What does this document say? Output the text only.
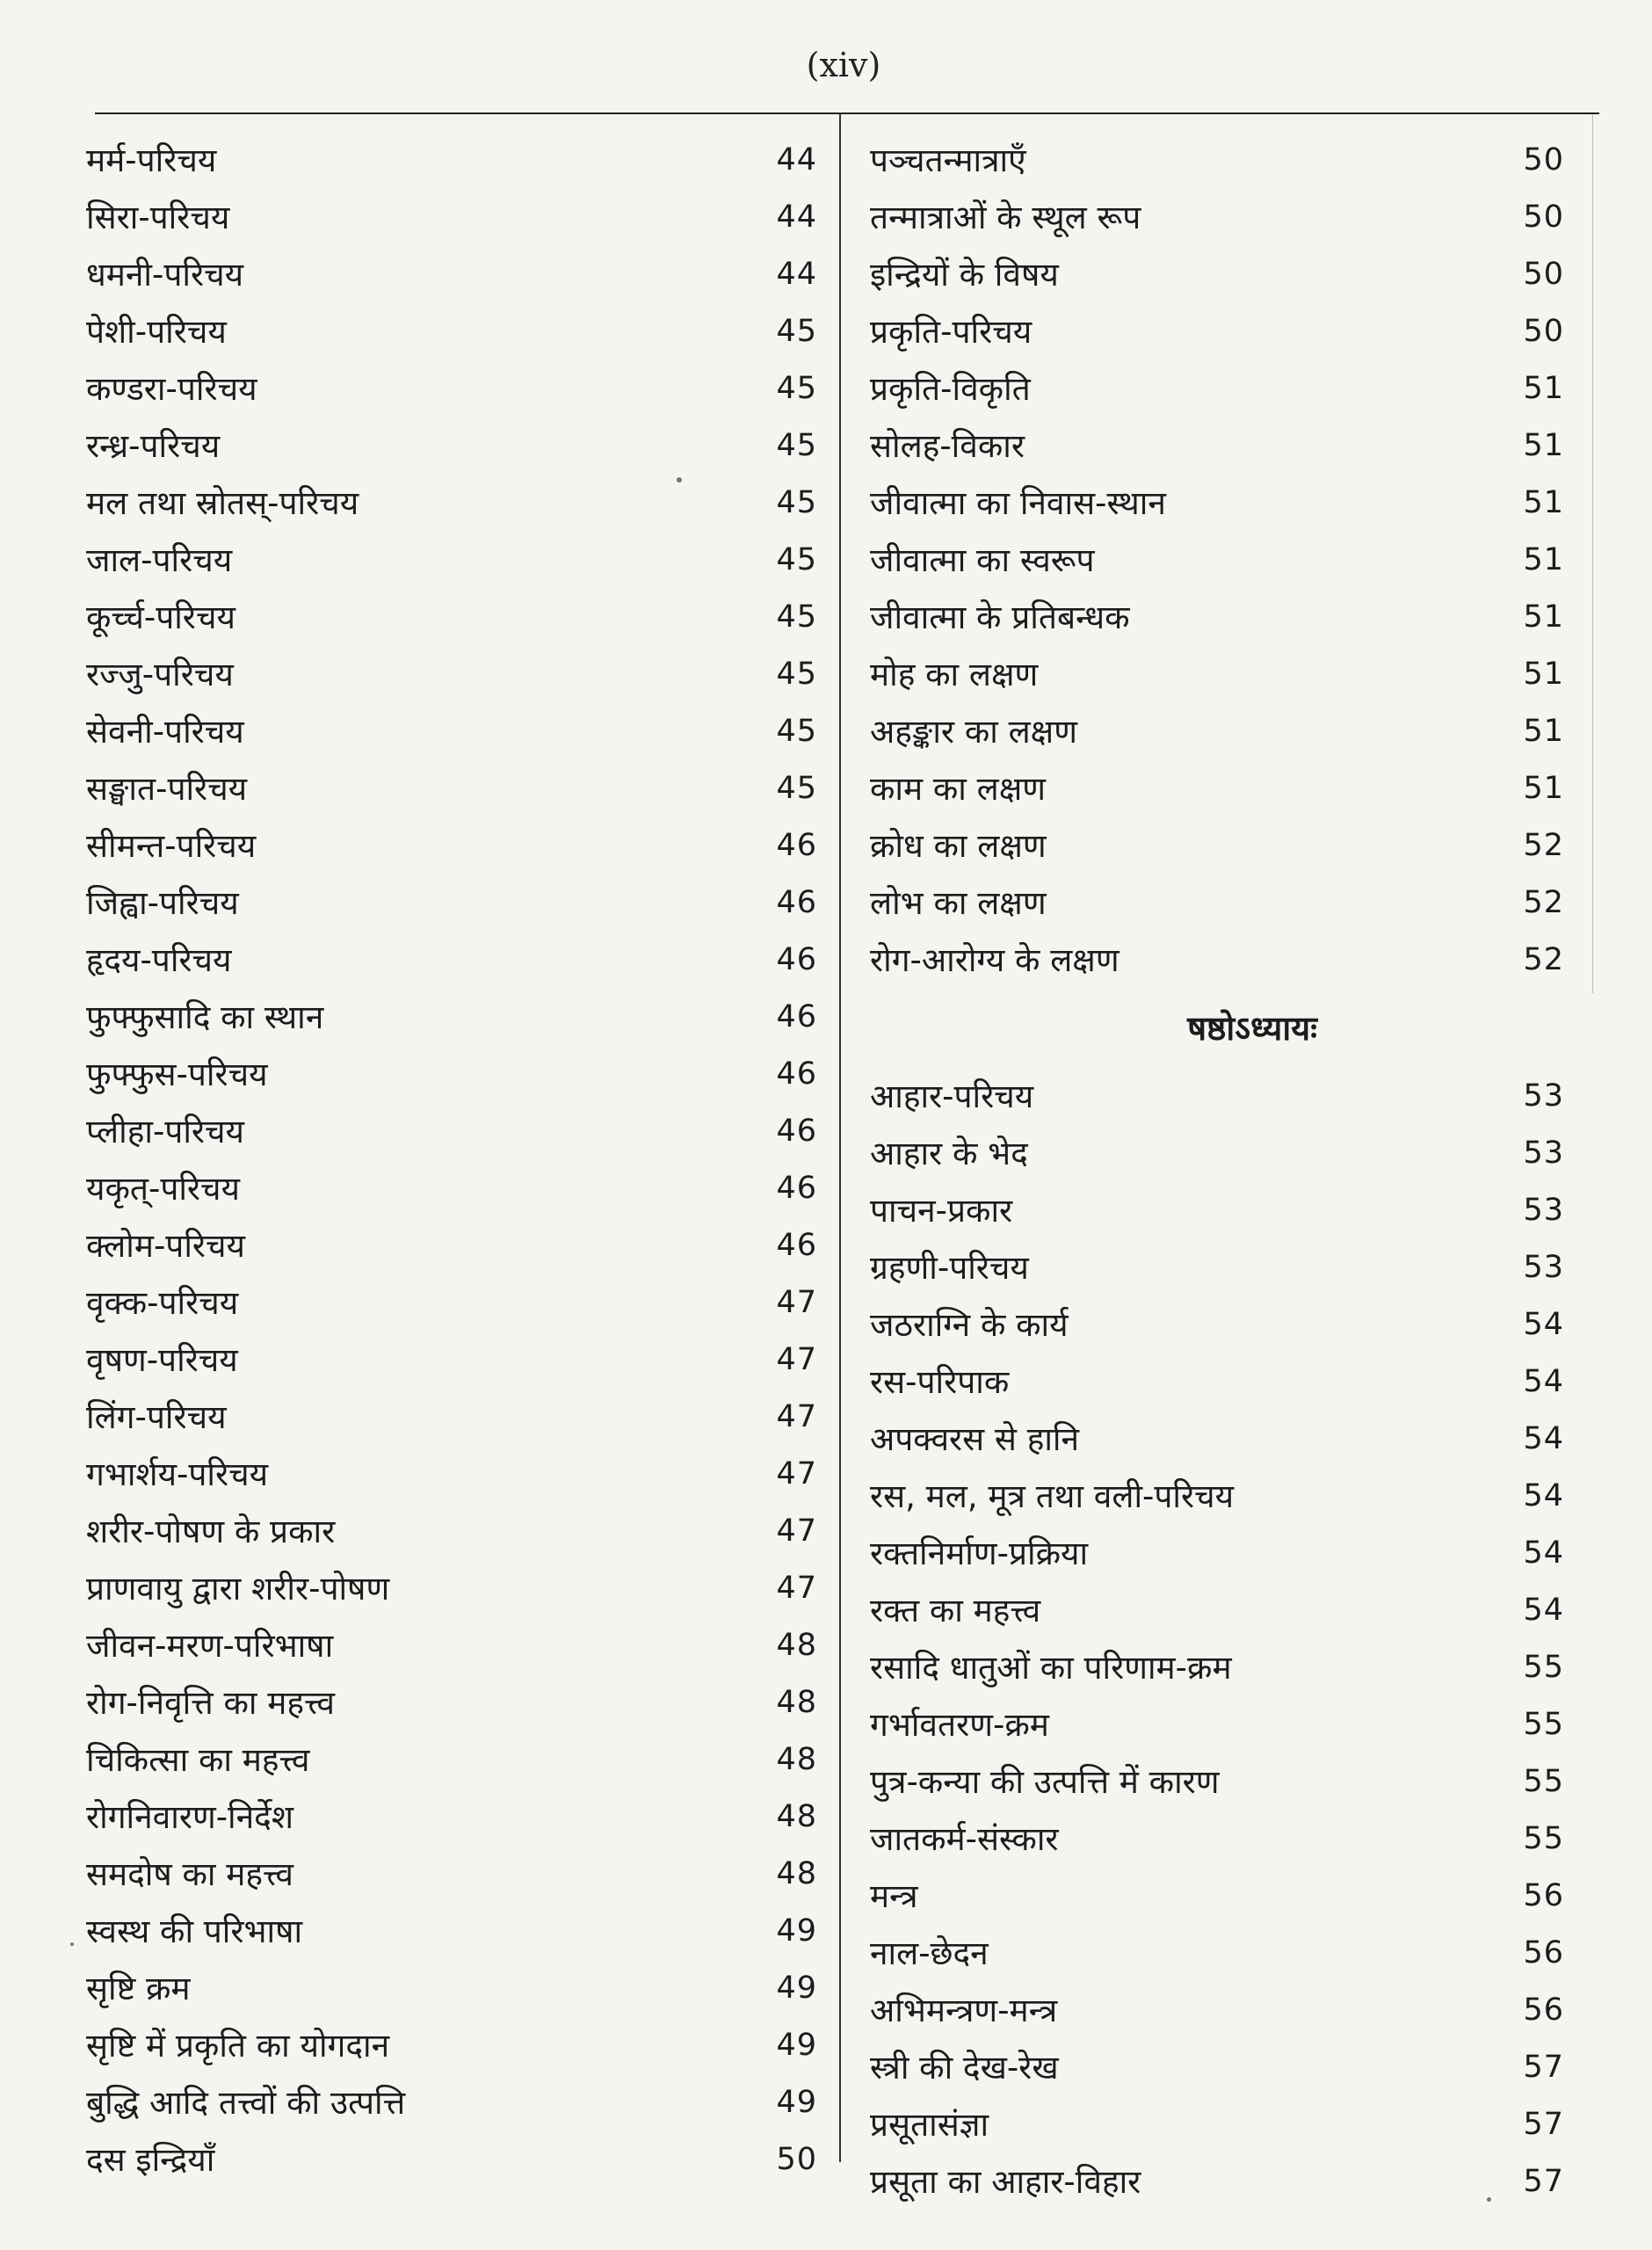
(xiv)
मर्म-परिचय	44
सिरा-परिचय	44
धमनी-परिचय	44
पेशी-परिचय	45
कण्डरा-परिचय	45
रन्ध्र-परिचय	45
मल तथा स्रोतस्-परिचय	45
जाल-परिचय	45
कूर्च्च-परिचय	45
रज्जु-परिचय	45
सेवनी-परिचय	45
सङ्घात-परिचय	45
सीमन्त-परिचय	46
जिह्वा-परिचय	46
हृदय-परिचय	46
फुफ्फुसादि का स्थान	46
फुफ्फुस-परिचय	46
प्लीहा-परिचय	46
यकृत्-परिचय	46
क्लोम-परिचय	46
वृक्क-परिचय	47
वृषण-परिचय	47
लिंग-परिचय	47
गभार्शय-परिचय	47
शरीर-पोषण के प्रकार	47
प्राणवायु द्वारा शरीर-पोषण	47
जीवन-मरण-परिभाषा	48
रोग-निवृत्ति का महत्त्व	48
चिकित्सा का महत्त्व	48
रोगनिवारण-निर्देश	48
समदोष का महत्त्व	48
स्वस्थ की परिभाषा	49
सृष्टि क्रम	49
सृष्टि में प्रकृति का योगदान	49
बुद्धि आदि तत्त्वों की उत्पत्ति	49
दस इन्द्रियाँ	50
पञ्चतन्मात्राएँ	50
तन्मात्राओं के स्थूल रूप	50
इन्द्रियों के विषय	50
प्रकृति-परिचय	50
प्रकृति-विकृति	51
सोलह-विकार	51
जीवात्मा का निवास-स्थान	51
जीवात्मा का स्वरूप	51
जीवात्मा के प्रतिबन्धक	51
मोह का लक्षण	51
अहङ्कार का लक्षण	51
काम का लक्षण	51
क्रोध का लक्षण	52
लोभ का लक्षण	52
रोग-आरोग्य के लक्षण	52
षष्ठोऽध्यायः
आहार-परिचय	53
आहार के भेद	53
पाचन-प्रकार	53
ग्रहणी-परिचय	53
जठराग्नि के कार्य	54
रस-परिपाक	54
अपक्वरस से हानि	54
रस, मल, मूत्र तथा वली-परिचय	54
रक्तनिर्माण-प्रक्रिया	54
रक्त का महत्त्व	54
रसादि धातुओं का परिणाम-क्रम	55
गर्भावतरण-क्रम	55
पुत्र-कन्या की उत्पत्ति में कारण	55
जातकर्म-संस्कार	55
मन्त्र	56
नाल-छेदन	56
अभिमन्त्रण-मन्त्र	56
स्त्री की देख-रेख	57
प्रसूतासंज्ञा	57
प्रसूता का आहार-विहार	57
